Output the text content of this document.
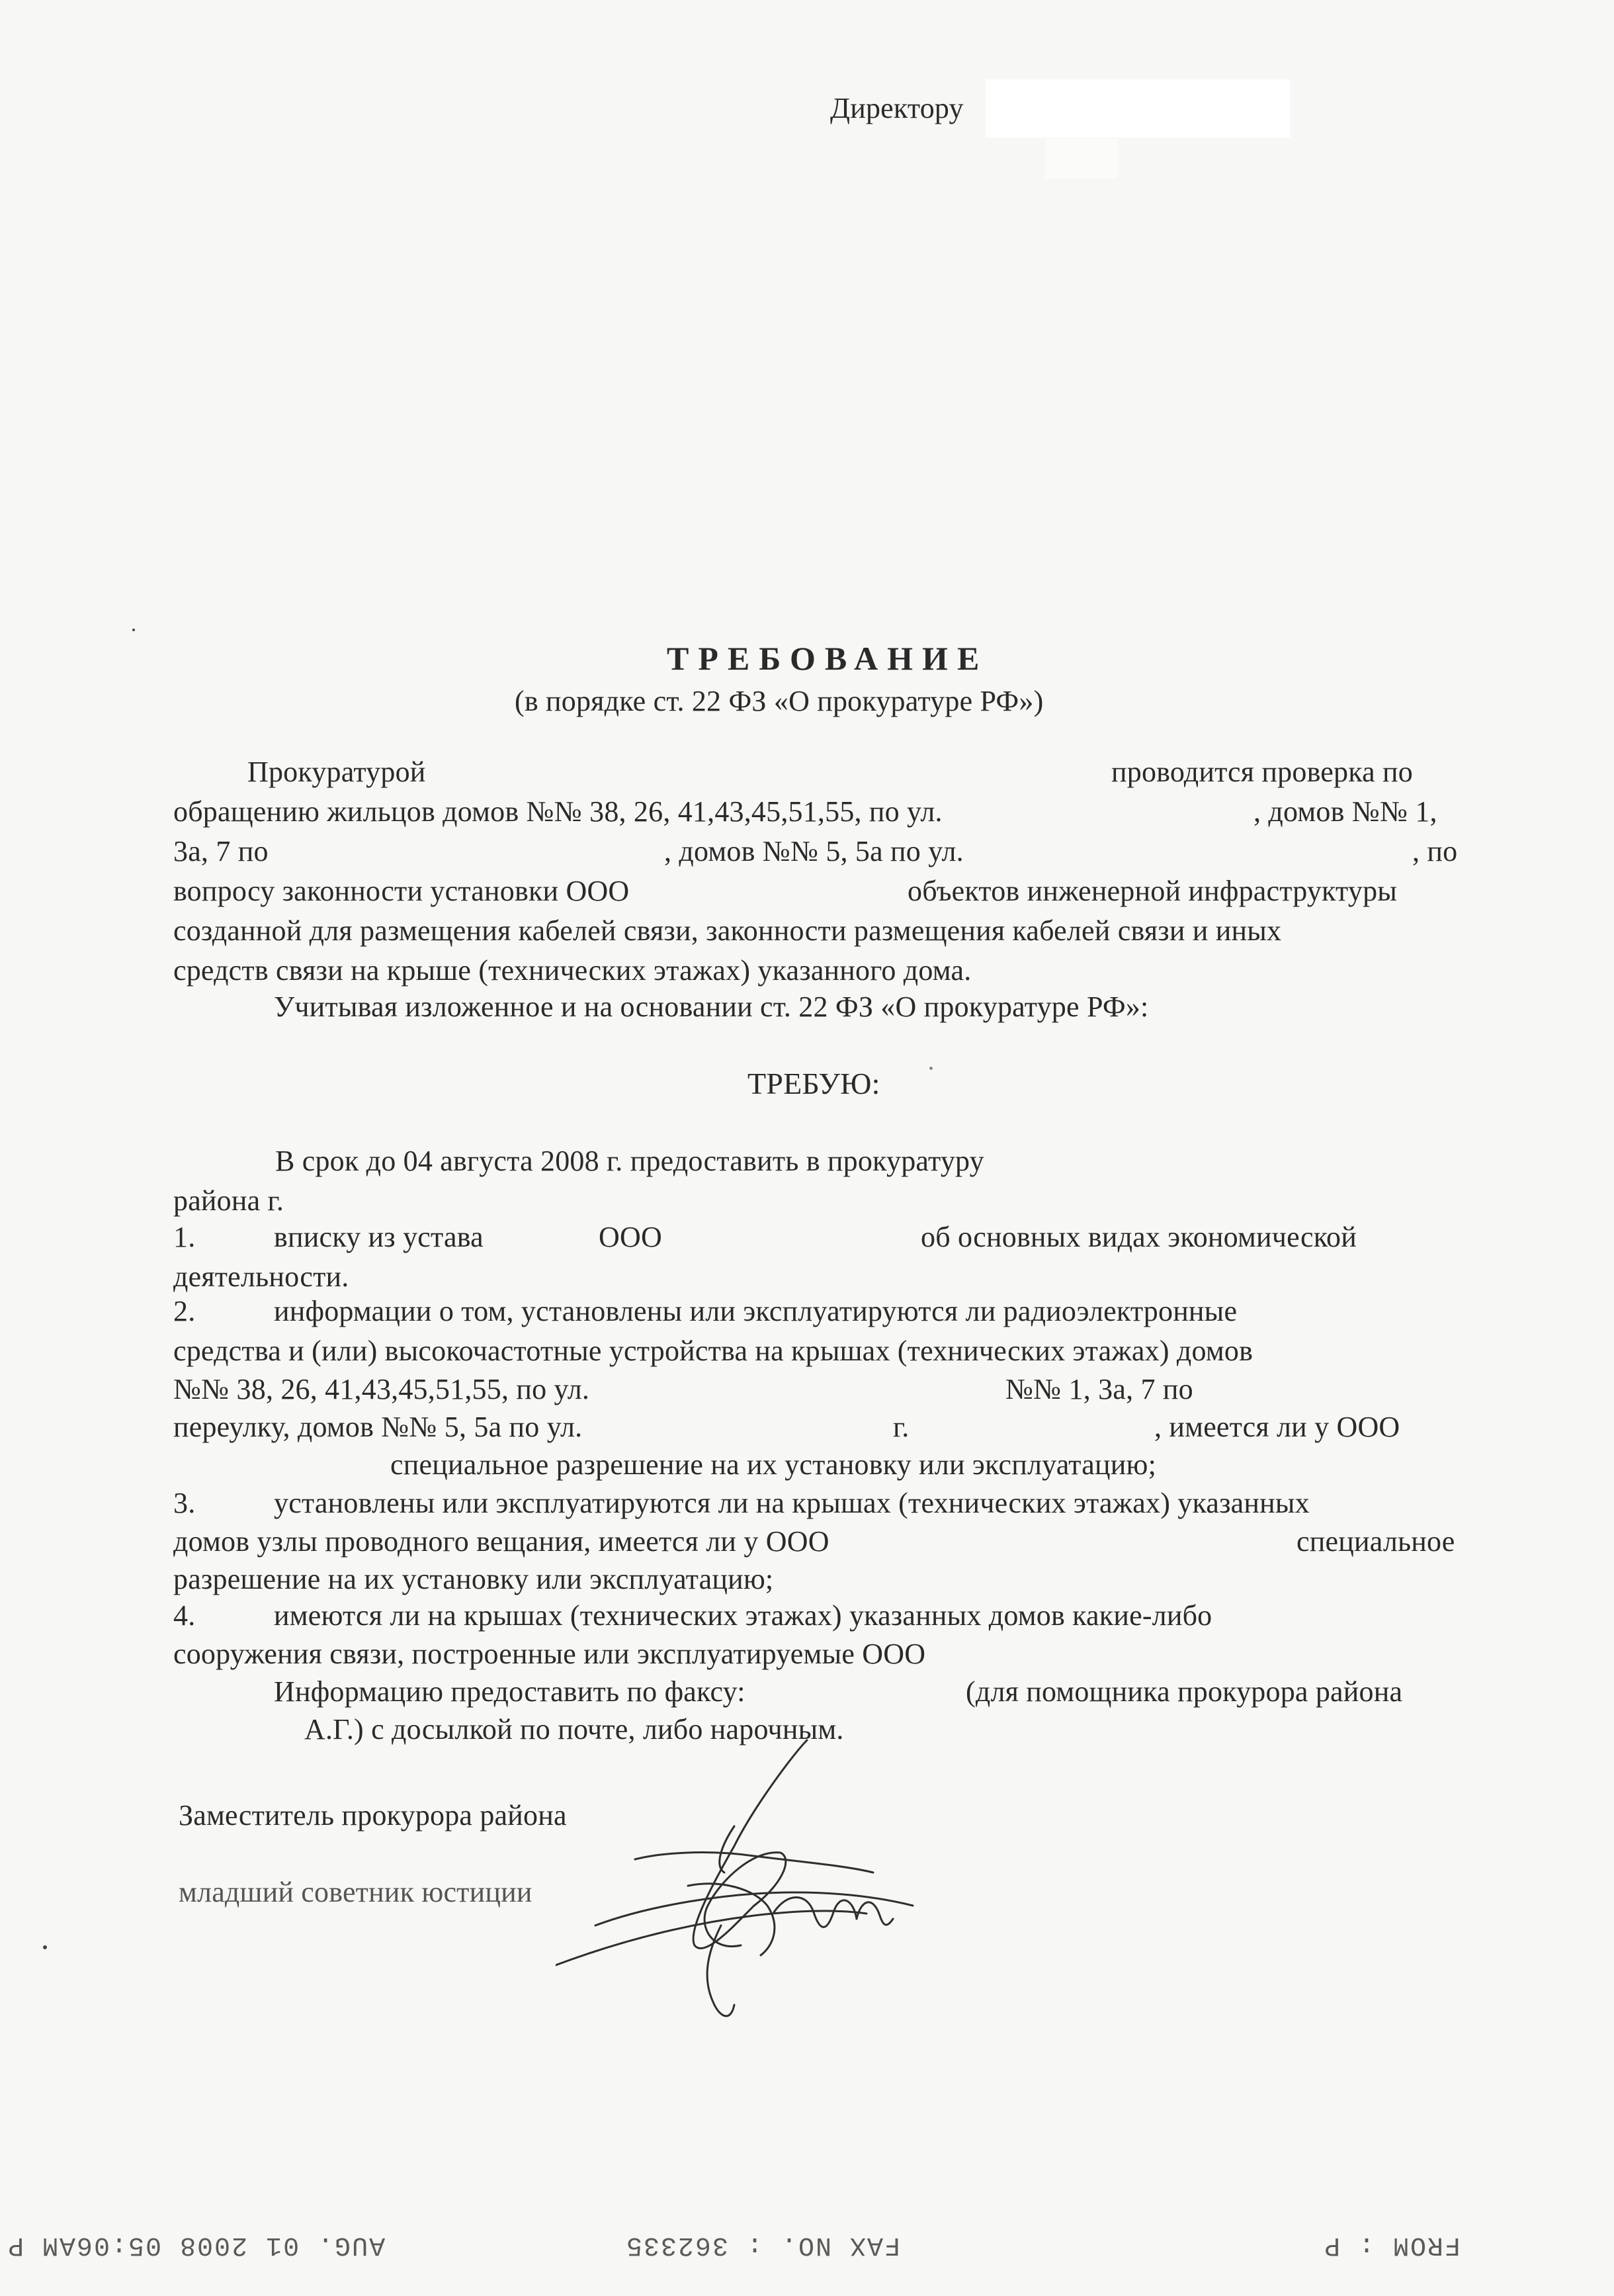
Директору
ТРЕБОВАНИЕ
(в порядке ст. 22 ФЗ «О прокуратуре РФ»)
Прокуратурой	проводится проверка по
обращению жильцов домов №№ 38, 26, 41,43,45,51,55, по ул.	, домов №№ 1,
3а, 7 по	, домов №№ 5, 5а по ул.	, по
вопросу законности установки ООО	объектов инженерной инфраструктуры
созданной для размещения кабелей связи, законности размещения кабелей связи и иных
средств связи на крыше (технических этажах) указанного дома.
Учитывая изложенное и на основании ст. 22 ФЗ «О прокуратуре РФ»:
ТРЕБУЮ:
В срок до 04 августа 2008 г. предоставить в прокуратуру
района г.
1.	вписку из устава	ООО	об основных видах экономической
деятельности.
2.	информации о том, установлены или эксплуатируются ли радиоэлектронные
средства и (или) высокочастотные устройства на крышах (технических этажах) домов
№№ 38, 26, 41,43,45,51,55, по ул.	№№ 1, 3а, 7 по
переулку, домов №№ 5, 5а по ул.	г.	, имеется ли у ООО
специальное разрешение на их установку или эксплуатацию;
3.	установлены или эксплуатируются ли на крышах (технических этажах) указанных
домов узлы проводного вещания, имеется ли у ООО	специальное
разрешение на их установку или эксплуатацию;
4.	имеются ли на крышах (технических этажах) указанных домов какие-либо
сооружения связи, построенные или эксплуатируемые ООО
Информацию предоставить по факсу:	(для помощника прокурора района
А.Г.) с досылкой по почте, либо нарочным.
Заместитель прокурора района
младший советник юстиции
FROM : P
FAX NO. : 362335
AUG. 01 2008 05:06AM P
